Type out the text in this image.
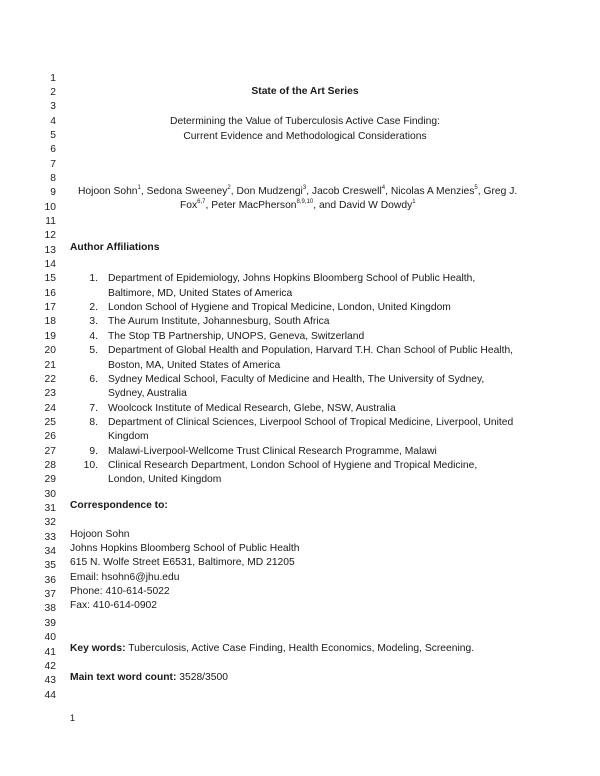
1
2
3
4
5
6
7
8
9
10
11
12
13
14
15
16
17
18
19
20
21
22
23
24
25
26
27
28
29
30
31
32
33
34
35
36
37
38
39
40
41
42
43
44
State of the Art Series
Determining the Value of Tuberculosis Active Case Finding:
Current Evidence and Methodological Considerations
Hojoon Sohn$^1$, Sedona Sweeney$^2$, Don Mudzengi$^3$, Jacob Creswell$^4$, Nicolas A Menzies$^5$, Greg J.
Fox$^{6,7}$, Peter MacPherson$^{8,9,10}$, and David W Dowdy$^1$
Author Affiliations
1. Department of Epidemiology, Johns Hopkins Bloomberg School of Public Health,
Baltimore, MD, United States of America
2. London School of Hygiene and Tropical Medicine, London, United Kingdom
3. The Aurum Institute, Johannesburg, South Africa
4. The Stop TB Partnership, UNOPS, Geneva, Switzerland
5. Department of Global Health and Population, Harvard T.H. Chan School of Public Health,
Boston, MA, United States of America
6. Sydney Medical School, Faculty of Medicine and Health, The University of Sydney,
Sydney, Australia
7. Woolcock Institute of Medical Research, Glebe, NSW, Australia
8. Department of Clinical Sciences, Liverpool School of Tropical Medicine, Liverpool, United
Kingdom
9. Malawi-Liverpool-Wellcome Trust Clinical Research Programme, Malawi
10. Clinical Research Department, London School of Hygiene and Tropical Medicine,
London, United Kingdom
Correspondence to:
Hojoon Sohn
Johns Hopkins Bloomberg School of Public Health
615 N. Wolfe Street E6531, Baltimore, MD 21205
Email: hsohn6@jhu.edu
Phone: 410-614-5022
Fax: 410-614-0902
Key words: Tuberculosis, Active Case Finding, Health Economics, Modeling, Screening.
Main text word count: 3528/3500
1
